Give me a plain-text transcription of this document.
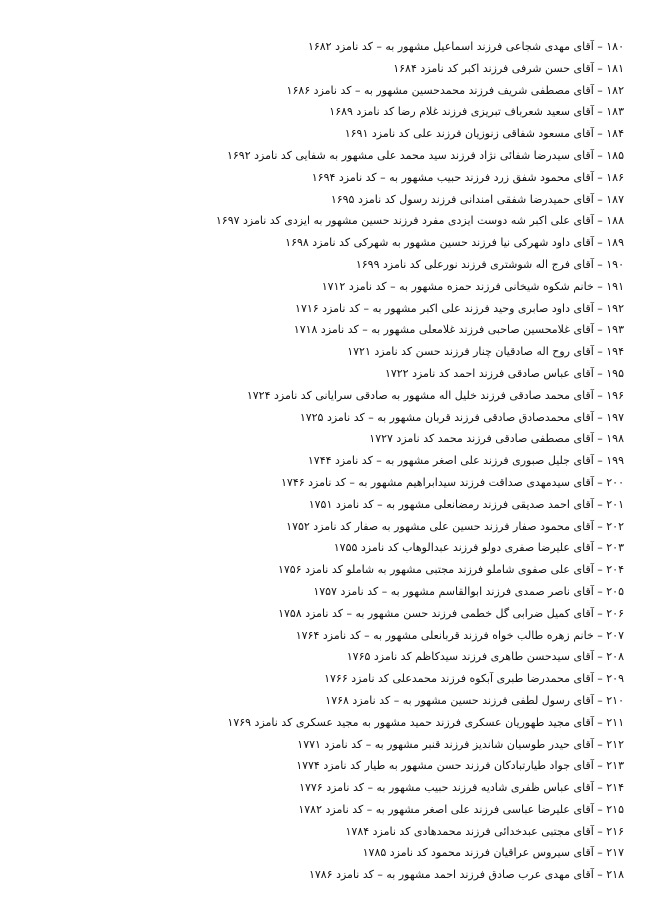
۱۸۰ – آقای مهدی شجاعی فرزند اسماعیل مشهور به – کد نامزد ۱۶۸۲
۱۸۱ – آقای حسن شرفی فرزند اکبر کد نامزد ۱۶۸۴
۱۸۲ – آقای مصطفی شریف فرزند محمدحسین مشهور به – کد نامزد ۱۶۸۶
۱۸۳ – آقای سعید شعرباف تبریزی فرزند غلام رضا کد نامزد ۱۶۸۹
۱۸۴ – آقای مسعود شفاقی زنوزیان فرزند علی کد نامزد ۱۶۹۱
۱۸۵ – آقای سیدرضا شفائی نژاد فرزند سید محمد علی مشهور به شفایی کد نامزد ۱۶۹۲
۱۸۶ – آقای محمود شفق زرد فرزند حبیب مشهور به – کد نامزد ۱۶۹۴
۱۸۷ – آقای حمیدرضا شفقی امندانی فرزند رسول کد نامزد ۱۶۹۵
۱۸۸ – آقای علی اکبر شه دوست ایزدی مفرد فرزند حسین مشهور به ایزدی کد نامزد ۱۶۹۷
۱۸۹ – آقای داود شهرکی نیا فرزند حسین مشهور به شهرکی کد نامزد ۱۶۹۸
۱۹۰ – آقای فرج اله شوشتری فرزند نورعلی کد نامزد ۱۶۹۹
۱۹۱ – خانم شکوه شیخانی فرزند حمزه مشهور به – کد نامزد ۱۷۱۲
۱۹۲ – آقای داود صابری وحید فرزند علی اکبر مشهور به – کد نامزد ۱۷۱۶
۱۹۳ – آقای غلامحسین صاحبی فرزند غلامعلی مشهور به – کد نامزد ۱۷۱۸
۱۹۴ – آقای روح اله صادقیان چنار فرزند حسن کد نامزد ۱۷۲۱
۱۹۵ – آقای عباس صادقی فرزند احمد کد نامزد ۱۷۲۲
۱۹۶ – آقای محمد صادقی فرزند خلیل اله مشهور به صادقی سرایانی کد نامزد ۱۷۲۴
۱۹۷ – آقای محمدصادق صادقی فرزند قربان مشهور به – کد نامزد ۱۷۲۵
۱۹۸ – آقای مصطفی صادقی فرزند محمد کد نامزد ۱۷۲۷
۱۹۹ – آقای جلیل صبوری فرزند علی اصغر مشهور به – کد نامزد ۱۷۴۴
۲۰۰ – آقای سیدمهدی صداقت فرزند سیدابراهیم مشهور به – کد نامزد ۱۷۴۶
۲۰۱ – آقای احمد صدیقی فرزند رمضانعلی مشهور به – کد نامزد ۱۷۵۱
۲۰۲ – آقای محمود صفار فرزند حسین علی مشهور به صفار کد نامزد ۱۷۵۲
۲۰۳ – آقای علیرضا صفری دولو فرزند عبدالوهاب کد نامزد ۱۷۵۵
۲۰۴ – آقای علی صفوی شاملو فرزند مجتبی مشهور به شاملو کد نامزد ۱۷۵۶
۲۰۵ – آقای ناصر صمدی فرزند ابوالقاسم مشهور به – کد نامزد ۱۷۵۷
۲۰۶ – آقای کمیل ضرابی گل خطمی فرزند حسن مشهور به – کد نامزد ۱۷۵۸
۲۰۷ – خانم زهره طالب خواه فرزند قربانعلی مشهور به – کد نامزد ۱۷۶۴
۲۰۸ – آقای سیدحسن طاهری فرزند سیدکاظم کد نامزد ۱۷۶۵
۲۰۹ – آقای محمدرضا طبری آبکوه فرزند محمدعلی کد نامزد ۱۷۶۶
۲۱۰ – آقای رسول لطفی فرزند حسین مشهور به – کد نامزد ۱۷۶۸
۲۱۱ – آقای مجید طهوریان عسکری فرزند حمید مشهور به مجید عسکری کد نامزد ۱۷۶۹
۲۱۲ – آقای حیدر طوسیان شاندیز فرزند قنبر مشهور به – کد نامزد ۱۷۷۱
۲۱۳ – آقای جواد طیارتبادکان فرزند حسن مشهور به طیار کد نامزد ۱۷۷۴
۲۱۴ – آقای عباس ظفری شادیه فرزند حبیب مشهور به – کد نامزد ۱۷۷۶
۲۱۵ – آقای علیرضا عباسی فرزند علی اصغر مشهور به – کد نامزد ۱۷۸۲
۲۱۶ – آقای مجتبی عبدخدائی فرزند محمدهادی کد نامزد ۱۷۸۴
۲۱۷ – آقای سیروس عراقیان فرزند محمود کد نامزد ۱۷۸۵
۲۱۸ – آقای مهدی عرب صادق فرزند احمد مشهور به – کد نامزد ۱۷۸۶
